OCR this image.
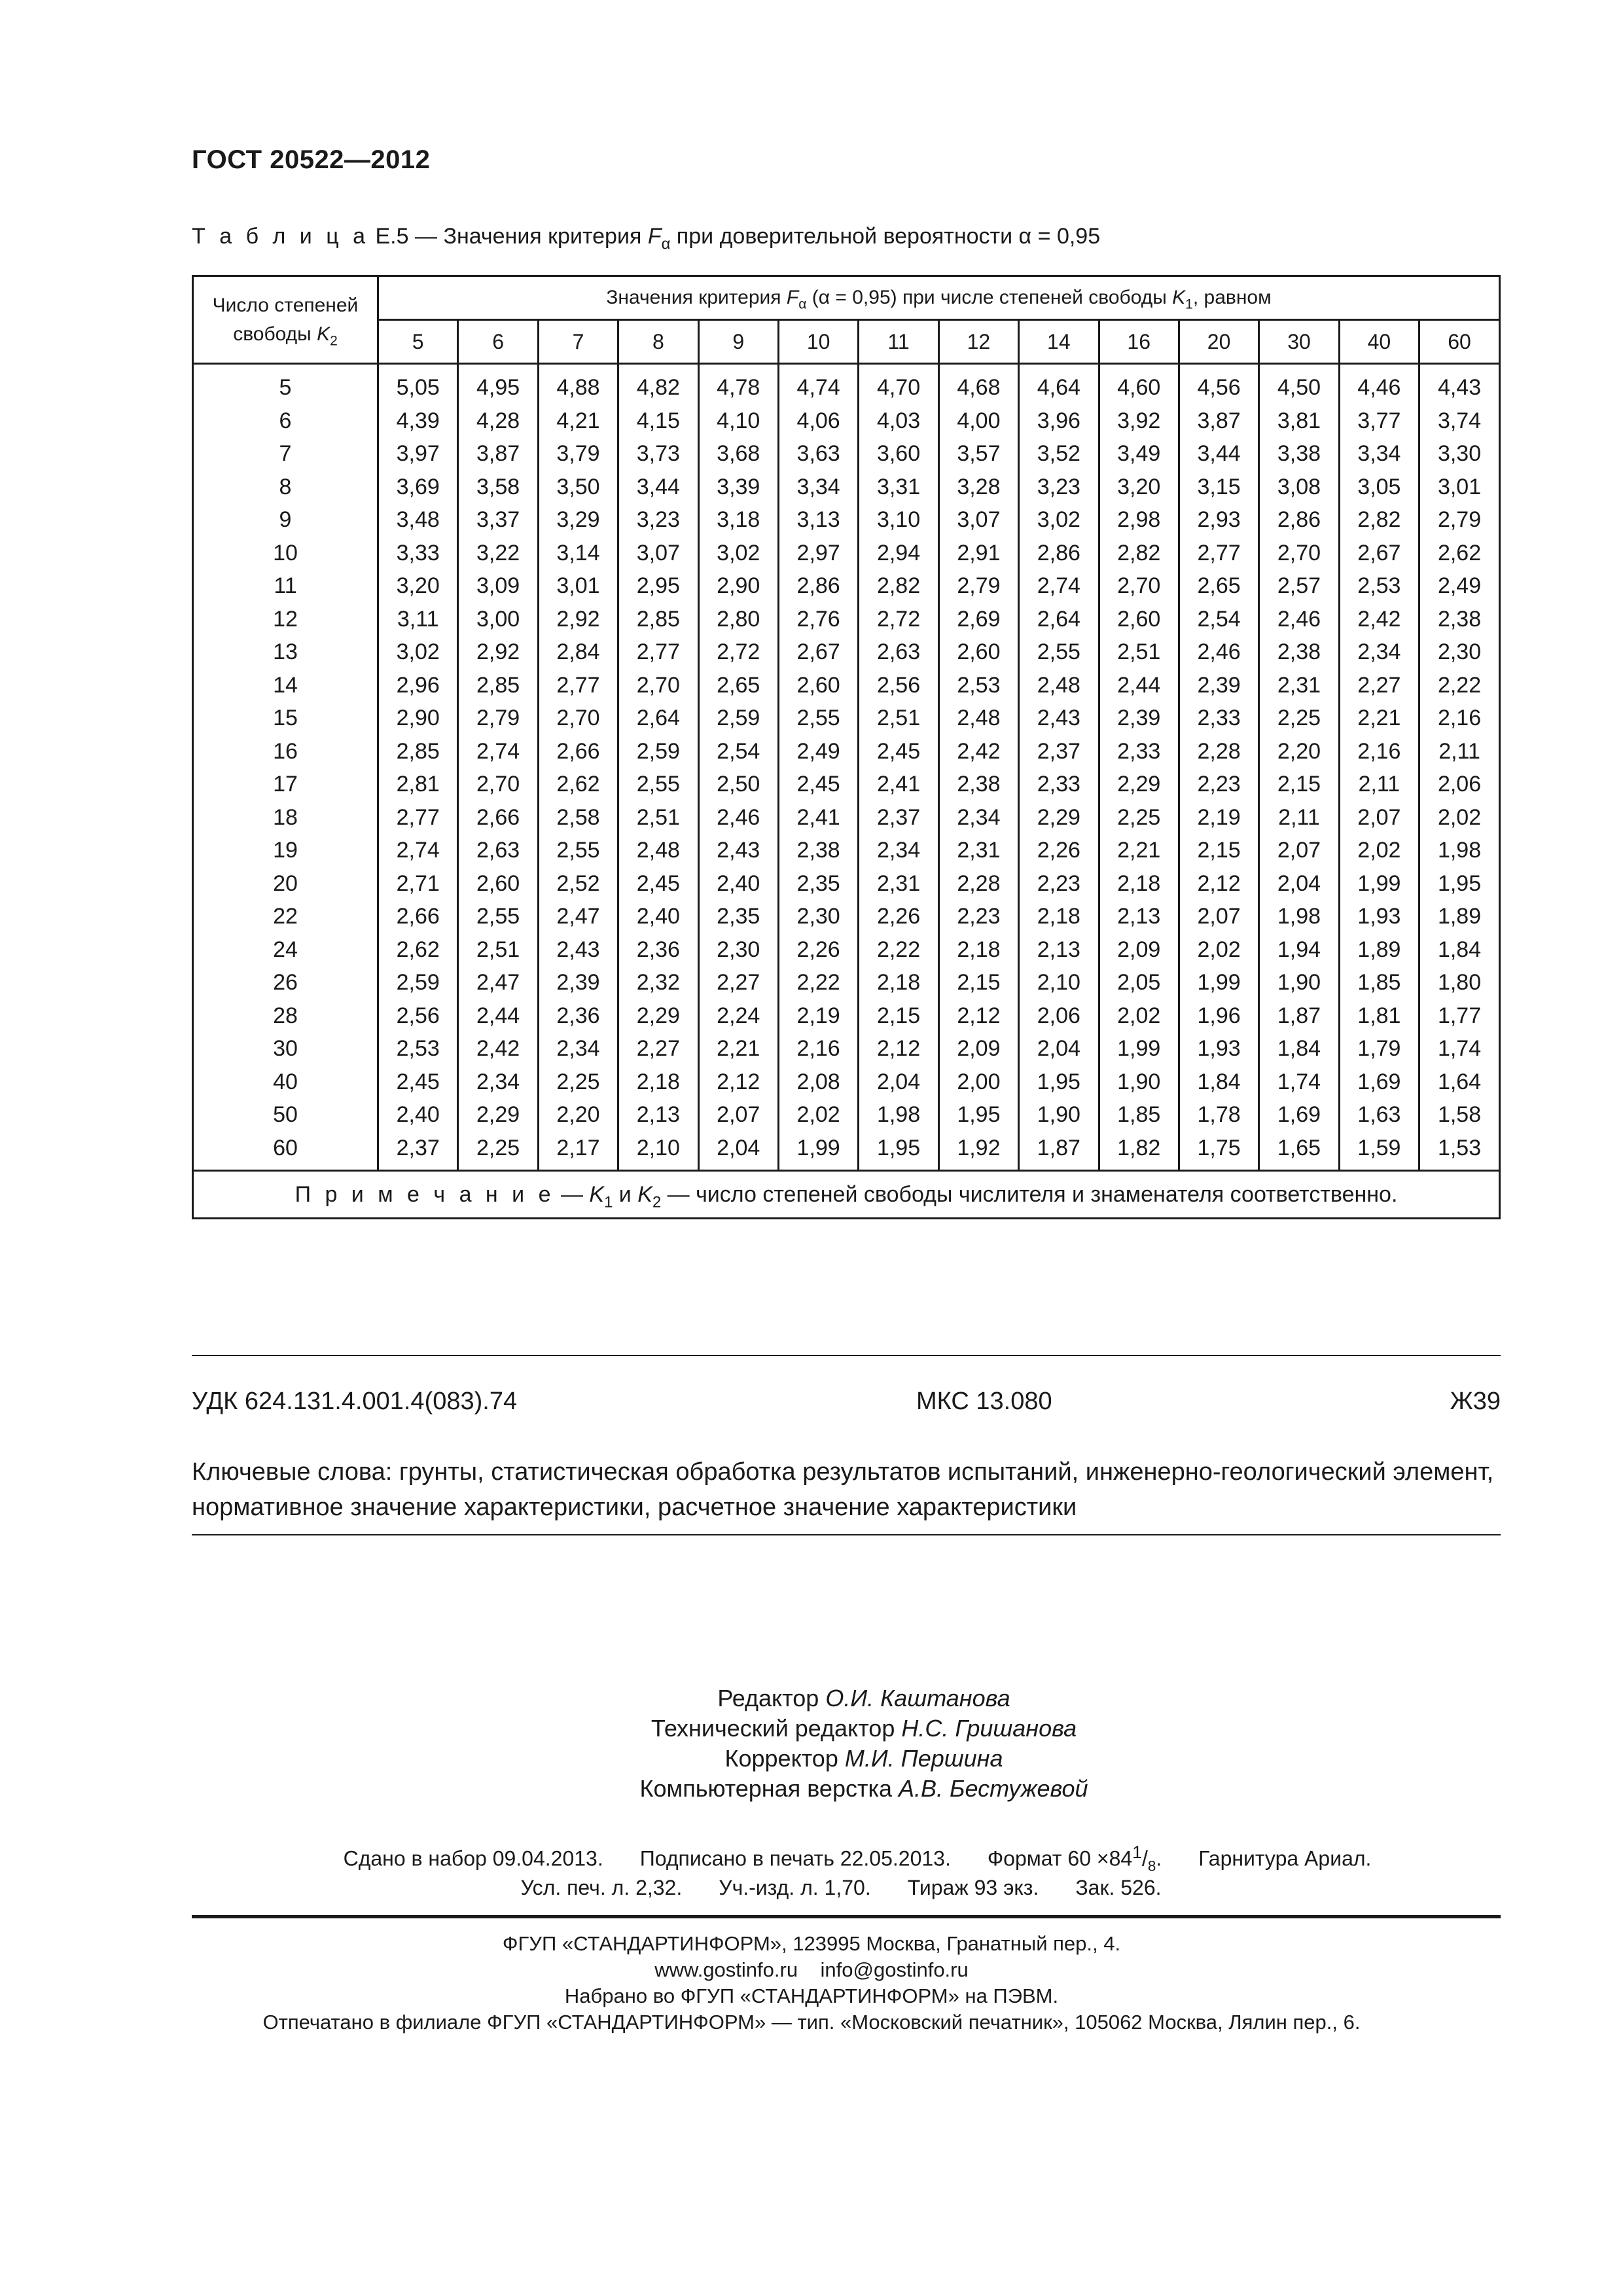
ГОСТ 20522—2012
Т а б л и ц а Е.5 — Значения критерия $F_\alpha$ при доверительной вероятности α = 0,95
Число степеней
свободы $K_2$	Значения критерия $F_\alpha$ (α = 0,95) при числе степеней свободы $K_1$, равном													
	5	6	7	8	9	10	11	12	14	16	20	30	40	60
5	5,05	4,95	4,88	4,82	4,78	4,74	4,70	4,68	4,64	4,60	4,56	4,50	4,46	4,43
6	4,39	4,28	4,21	4,15	4,10	4,06	4,03	4,00	3,96	3,92	3,87	3,81	3,77	3,74
7	3,97	3,87	3,79	3,73	3,68	3,63	3,60	3,57	3,52	3,49	3,44	3,38	3,34	3,30
8	3,69	3,58	3,50	3,44	3,39	3,34	3,31	3,28	3,23	3,20	3,15	3,08	3,05	3,01
9	3,48	3,37	3,29	3,23	3,18	3,13	3,10	3,07	3,02	2,98	2,93	2,86	2,82	2,79
10	3,33	3,22	3,14	3,07	3,02	2,97	2,94	2,91	2,86	2,82	2,77	2,70	2,67	2,62
11	3,20	3,09	3,01	2,95	2,90	2,86	2,82	2,79	2,74	2,70	2,65	2,57	2,53	2,49
12	3,11	3,00	2,92	2,85	2,80	2,76	2,72	2,69	2,64	2,60	2,54	2,46	2,42	2,38
13	3,02	2,92	2,84	2,77	2,72	2,67	2,63	2,60	2,55	2,51	2,46	2,38	2,34	2,30
14	2,96	2,85	2,77	2,70	2,65	2,60	2,56	2,53	2,48	2,44	2,39	2,31	2,27	2,22
15	2,90	2,79	2,70	2,64	2,59	2,55	2,51	2,48	2,43	2,39	2,33	2,25	2,21	2,16
16	2,85	2,74	2,66	2,59	2,54	2,49	2,45	2,42	2,37	2,33	2,28	2,20	2,16	2,11
17	2,81	2,70	2,62	2,55	2,50	2,45	2,41	2,38	2,33	2,29	2,23	2,15	2,11	2,06
18	2,77	2,66	2,58	2,51	2,46	2,41	2,37	2,34	2,29	2,25	2,19	2,11	2,07	2,02
19	2,74	2,63	2,55	2,48	2,43	2,38	2,34	2,31	2,26	2,21	2,15	2,07	2,02	1,98
20	2,71	2,60	2,52	2,45	2,40	2,35	2,31	2,28	2,23	2,18	2,12	2,04	1,99	1,95
22	2,66	2,55	2,47	2,40	2,35	2,30	2,26	2,23	2,18	2,13	2,07	1,98	1,93	1,89
24	2,62	2,51	2,43	2,36	2,30	2,26	2,22	2,18	2,13	2,09	2,02	1,94	1,89	1,84
26	2,59	2,47	2,39	2,32	2,27	2,22	2,18	2,15	2,10	2,05	1,99	1,90	1,85	1,80
28	2,56	2,44	2,36	2,29	2,24	2,19	2,15	2,12	2,06	2,02	1,96	1,87	1,81	1,77
30	2,53	2,42	2,34	2,27	2,21	2,16	2,12	2,09	2,04	1,99	1,93	1,84	1,79	1,74
40	2,45	2,34	2,25	2,18	2,12	2,08	2,04	2,00	1,95	1,90	1,84	1,74	1,69	1,64
50	2,40	2,29	2,20	2,13	2,07	2,02	1,98	1,95	1,90	1,85	1,78	1,69	1,63	1,58
60	2,37	2,25	2,17	2,10	2,04	1,99	1,95	1,92	1,87	1,82	1,75	1,65	1,59	1,53
П р и м е ч а н и е — $K_1$ и $K_2$ — число степеней свободы числителя и знаменателя соответственно.														
УДК 624.131.4.001.4(083).74	МКС 13.080	Ж39
Ключевые слова: грунты, статистическая обработка результатов испытаний, инженерно-геологический элемент, нормативное значение характеристики, расчетное значение характеристики
Редактор О.И. Каштанова
Технический редактор Н.С. Гришанова
Корректор М.И. Першина
Компьютерная верстка А.В. Бестужевой
Сдано в набор 09.04.2013. Подписано в печать 22.05.2013. Формат $60 \times 84^1/_8$. Гарнитура Ариал.
Усл. печ. л. 2,32. Уч.-изд. л. 1,70. Тираж 93 экз. Зак. 526.
ФГУП «СТАНДАРТИНФОРМ», 123995 Москва, Гранатный пер., 4.
www.gostinfo.ru info@gostinfo.ru
Набрано во ФГУП «СТАНДАРТИНФОРМ» на ПЭВМ.
Отпечатано в филиале ФГУП «СТАНДАРТИНФОРМ» — тип. «Московский печатник», 105062 Москва, Лялин пер., 6.
